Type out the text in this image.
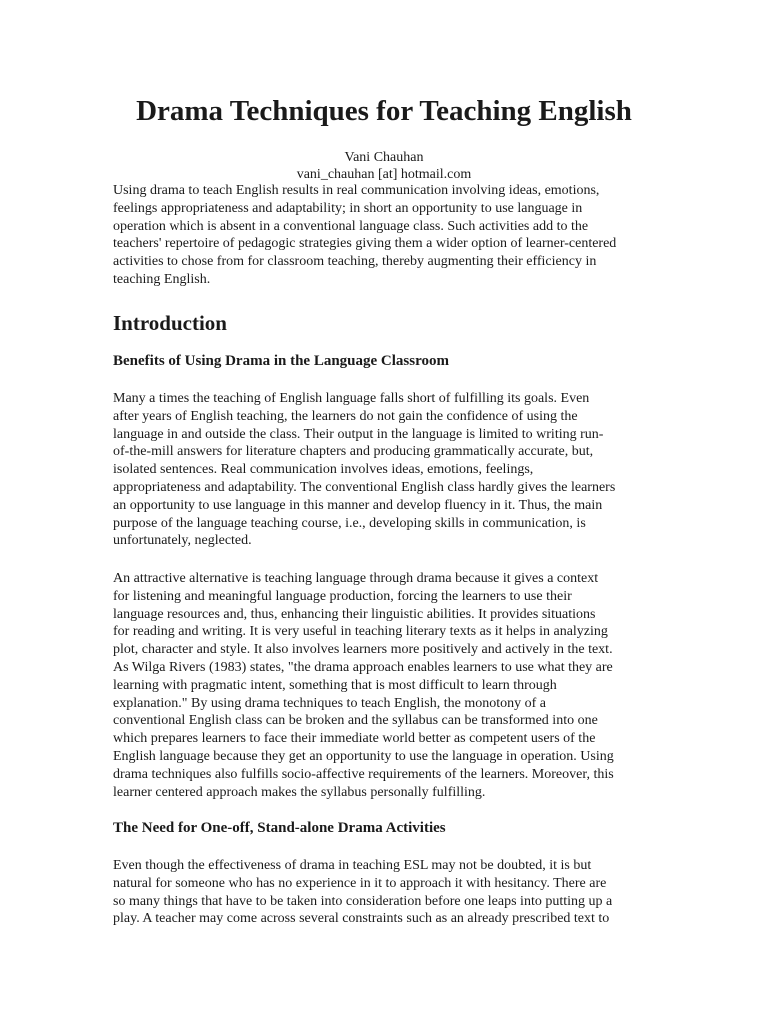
Drama Techniques for Teaching English

Vani Chauhan

vani_chauhan [at] hotmail.com

Using drama to teach English results in real communication involving ideas, emotions,
feelings appropriateness and adaptability; in short an opportunity to use language in
operation which is absent in a conventional language class. Such activities add to the
teachers' repertoire of pedagogic strategies giving them a wider option of learner-centered
activities to chose from for classroom teaching, thereby augmenting their efficiency in
teaching English.

Introduction
Benefits of Using Drama in the Language Classroom

Many a times the teaching of English language falls short of fulfilling its goals. Even
after years of English teaching, the learners do not gain the confidence of using the
language in and outside the class. Their output in the language is limited to writing run-
of-the-mill answers for literature chapters and producing grammatically accurate, but,
isolated sentences. Real communication involves ideas, emotions, feelings,
appropriateness and adaptability. The conventional English class hardly gives the learners
an opportunity to use language in this manner and develop fluency in it. Thus, the main
purpose of the language teaching course, i.e., developing skills in communication, is
unfortunately, neglected.

An attractive alternative is teaching language through drama because it gives a context
for listening and meaningful language production, forcing the learners to use their
language resources and, thus, enhancing their linguistic abilities. It provides situations
for reading and writing. It is very useful in teaching literary texts as it helps in analyzing
plot, character and style. It also involves learners more positively and actively in the text.
As Wilga Rivers (1983) states, "the drama approach enables learners to use what they are
learning with pragmatic intent, something that is most difficult to learn through
explanation." By using drama techniques to teach English, the monotony of a
conventional English class can be broken and the syllabus can be transformed into one
which prepares learners to face their immediate world better as competent users of the
English language because they get an opportunity to use the language in operation. Using
drama techniques also fulfills socio-affective requirements of the learners. Moreover, this
learner centered approach makes the syllabus personally fulfilling.

The Need for One-off, Stand-alone Drama Activities

Even though the effectiveness of drama in teaching ESL may not be doubted, it is but
natural for someone who has no experience in it to approach it with hesitancy. There are
so many things that have to be taken into consideration before one leaps into putting up a
play. A teacher may come across several constraints such as an already prescribed text to
